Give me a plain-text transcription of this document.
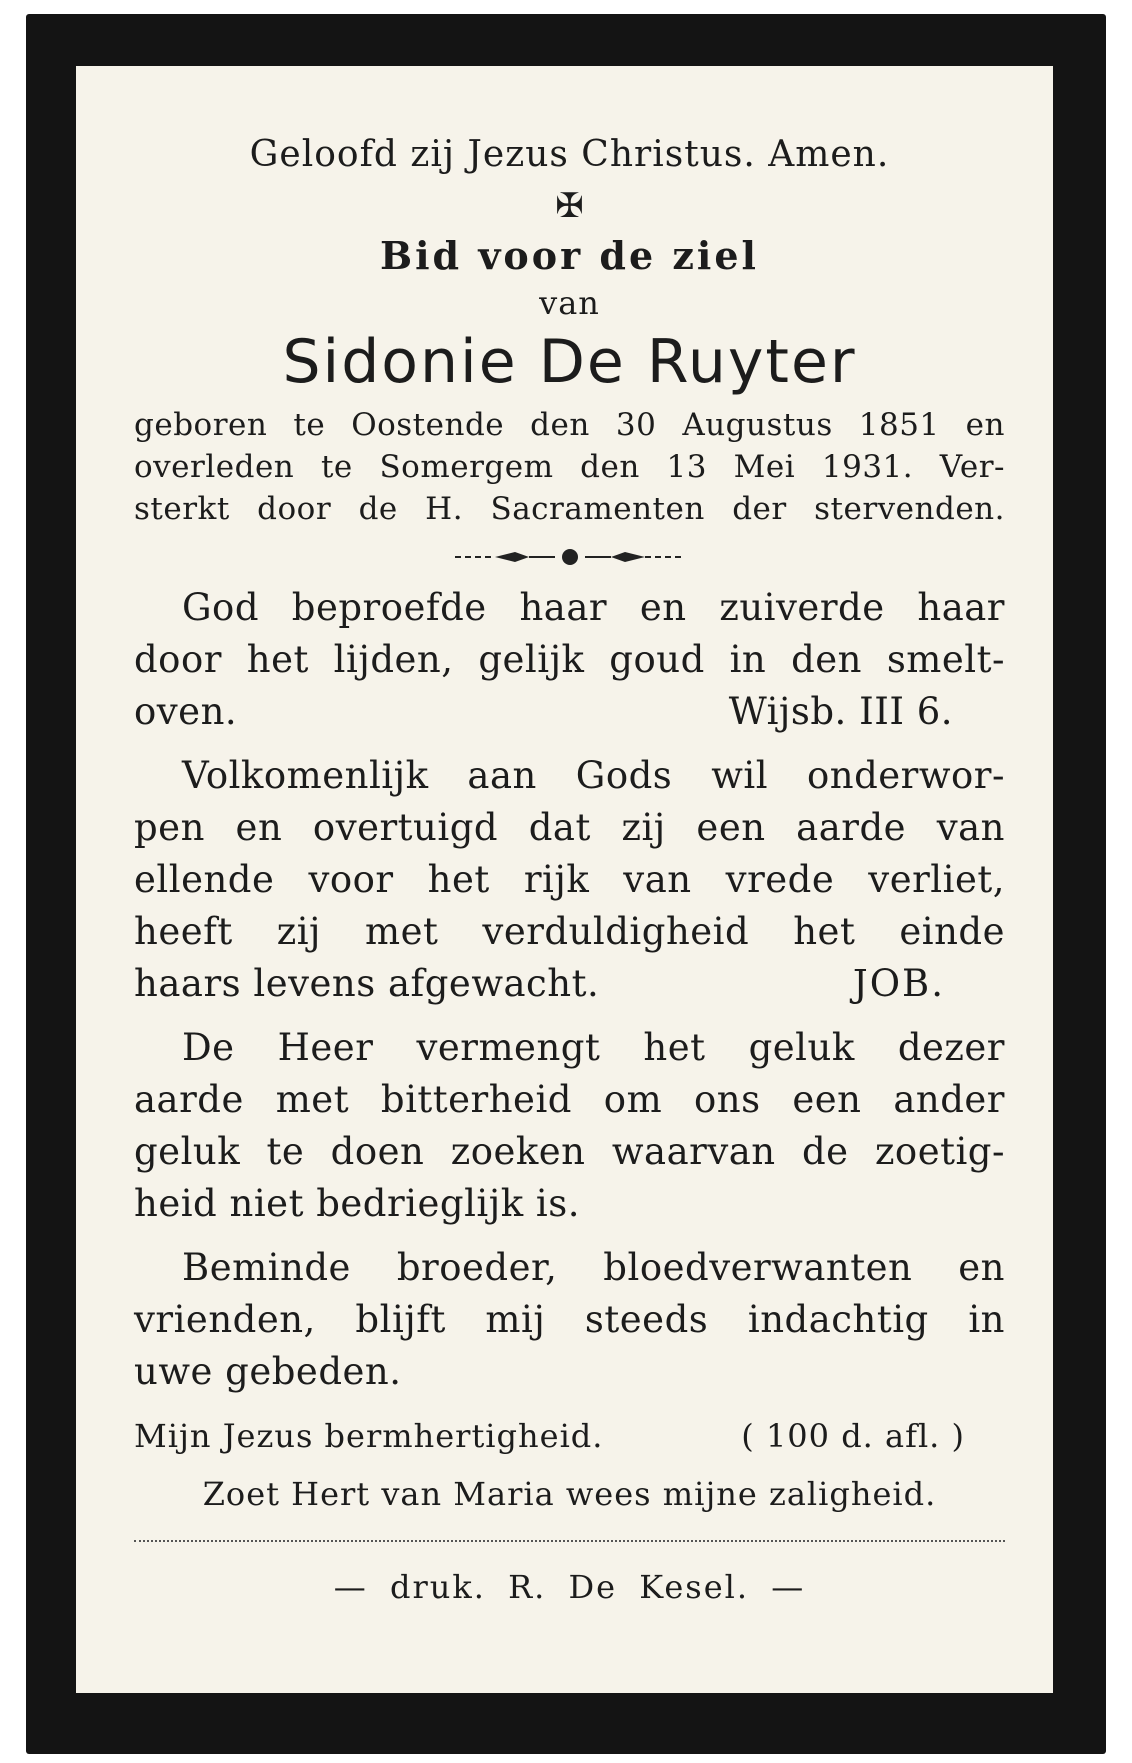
Geloofd zij Jezus Christus. Amen.
✠
Bid voor de ziel
van
Sidonie De Ruyter
geboren te Oostende den 30 Augustus 1851 en
overleden te Somergem den 13 Mei 1931. Ver-
sterkt door de H. Sacramenten der stervenden.
God beproefde haar en zuiverde haar
door het lijden, gelijk goud in den smelt-
oven.	Wijsb. III 6.
Volkomenlijk aan Gods wil onderwor-
pen en overtuigd dat zij een aarde van
ellende voor het rijk van vrede verliet,
heeft zij met verduldigheid het einde
haars levens afgewacht.	JOB.
De Heer vermengt het geluk dezer
aarde met bitterheid om ons een ander
geluk te doen zoeken waarvan de zoetig-
heid niet bedrieglijk is.
Beminde broeder, bloedverwanten en
vrienden, blijft mij steeds indachtig in
uwe gebeden.
Mijn Jezus bermhertigheid.	( 100 d. afl. )
Zoet Hert van Maria wees mijne zaligheid.
— druk. R. De Kesel. —
